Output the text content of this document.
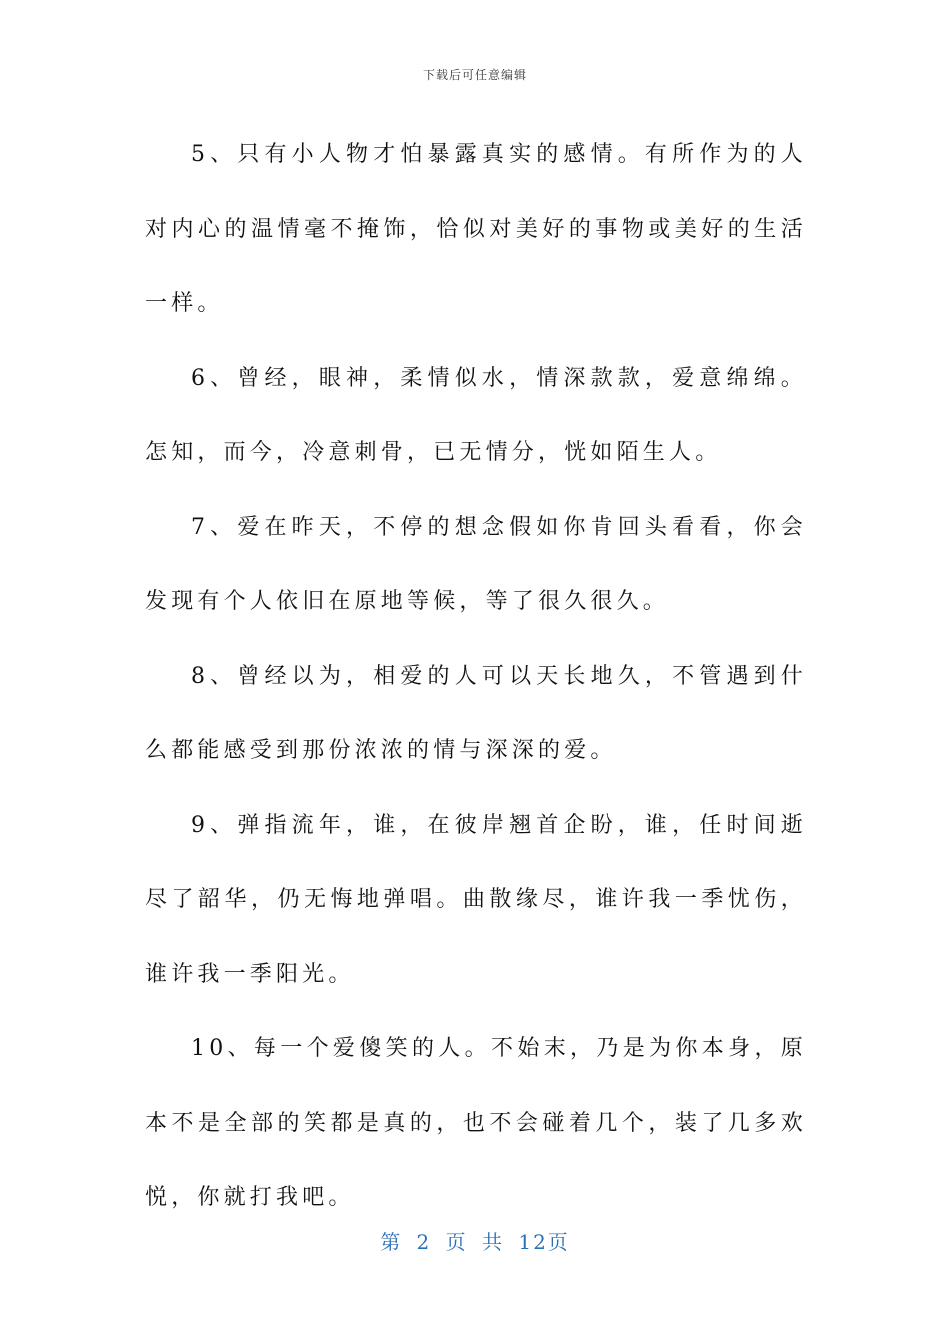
下载后可任意编辑

5、只有小人物才怕暴露真实的感情。有所作为的人对内心的温情毫不掩饰，恰似对美好的事物或美好的生活一样。

6、曾经，眼神，柔情似水，情深款款，爱意绵绵。怎知，而今，冷意刺骨，已无情分，恍如陌生人。

7、爱在昨天，不停的想念假如你肯回头看看，你会发现有个人依旧在原地等候，等了很久很久。

8、曾经以为，相爱的人可以天长地久，不管遇到什么都能感受到那份浓浓的情与深深的爱。

9、弹指流年，谁，在彼岸翘首企盼，谁，任时间逝尽了韶华，仍无悔地弹唱。曲散缘尽，谁许我一季忧伤，谁许我一季阳光。

10、每一个爱傻笑的人。不始末，乃是为你本身，原本不是全部的笑都是真的，也不会碰着几个，装了几多欢悦，你就打我吧。

第 2 页 共 12页
